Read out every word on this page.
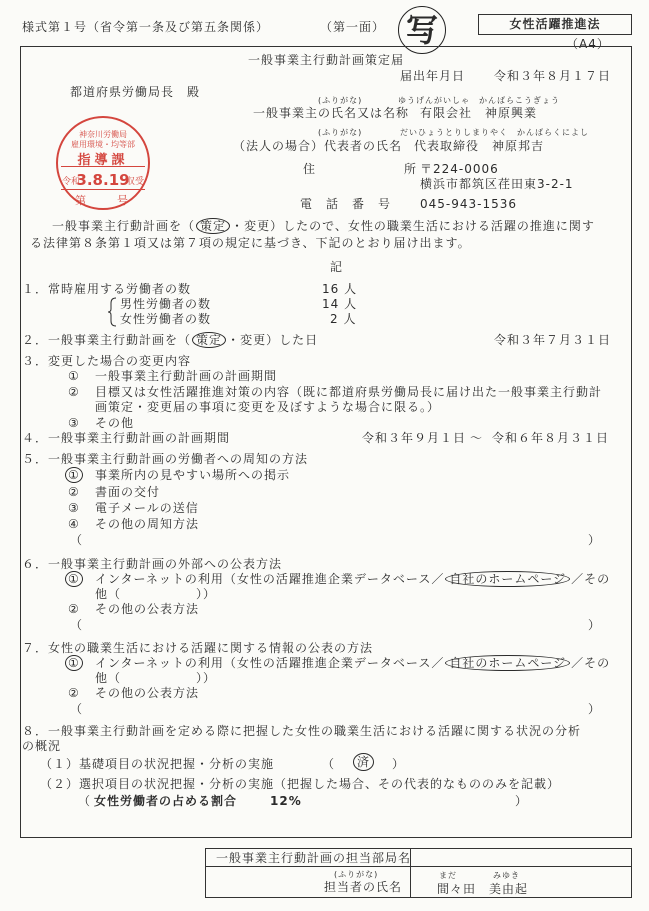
様式第１号（省令第一条及び第五条関係）	（第一面） 写	女性活躍推進法
（A4）
一般事業主行動計画策定届
届出年月日 令和３年８月１７日
都道府県労働局長　殿
(ふりがな)	ゆうげんがいしゃ　かんばらこうぎょう
一般事業主の氏名又は名称 有限会社　神原興業
(ふりがな)	だいひょうとりしまりやく　かんばらくによし
（法人の場合）代表者の氏名 代表取締役　神原邦吉
住	所 〒224-0006
横浜市都筑区荏田東3-2-1
電　話　番　号 045-943-1536
神奈川労働局
雇用環境・均等部
指導課
3.8.19
令和	収受
第　　号
一般事業主行動計画を（ 策定 ・変更）したので、女性の職業生活における活躍の推進に関す
る法律第８条第１項又は第７項の規定に基づき、下記のとおり届け出ます。
記
１．常時雇用する労働者の数	16 人
男性労働者の数	14 人
女性労働者の数	2 人
２．一般事業主行動計画を（ 策定 ・変更）した日	令和３年７月３１日
３．変更した場合の変更内容
① 一般事業主行動計画の計画期間
② 目標又は女性活躍推進対策の内容（既に都道府県労働局長に届け出た一般事業主行動計
画策定・変更届の事項に変更を及ぼすような場合に限る。）
③ その他
４．一般事業主行動計画の計画期間	令和３年９月１日 ～ 令和６年８月３１日
５．一般事業主行動計画の労働者への周知の方法
① 事業所内の見やすい場所への掲示
② 書面の交付
③ 電子メールの送信
④ その他の周知方法
（	）
６．一般事業主行動計画の外部への公表方法
① インターネットの利用（女性の活躍推進企業データベース／ 自社のホームページ ／その
他（	））
② その他の公表方法
（	）
７．女性の職業生活における活躍に関する情報の公表の方法
① インターネットの利用（女性の活躍推進企業データベース／ 自社のホームページ ／その
他（	））
② その他の公表方法
（	）
８．一般事業主行動計画を定める際に把握した女性の職業生活における活躍に関する状況の分析
の概況
（１）基礎項目の状況把握・分析の実施	（	済	）
（２）選択項目の状況把握・分析の実施（把握した場合、その代表的なもののみを記載）
（ 女性労働者の占める割合	12%	）
一般事業主行動計画の担当部局名
(ふりがな)
担当者の氏名
まだ	みゆき
間々田　美由起
